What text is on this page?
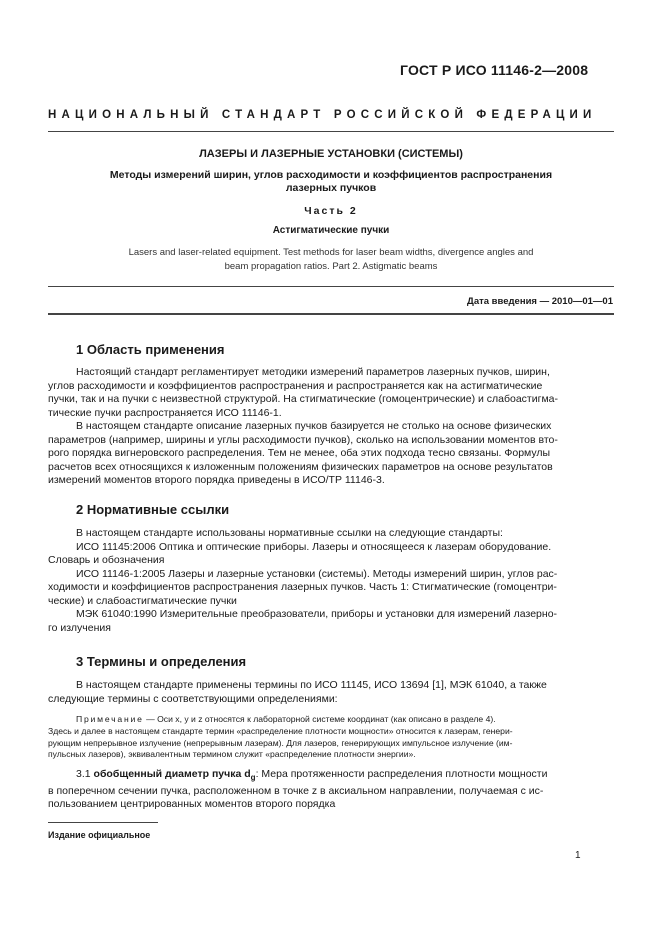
ГОСТ Р ИСО 11146-2—2008
НАЦИОНАЛЬНЫЙ СТАНДАРТ РОССИЙСКОЙ ФЕДЕРАЦИИ
ЛАЗЕРЫ И ЛАЗЕРНЫЕ УСТАНОВКИ (СИСТЕМЫ)
Методы измерений ширин, углов расходимости и коэффициентов распространения
лазерных пучков
Часть 2
Астигматические пучки
Lasers and laser-related equipment. Test methods for laser beam widths, divergence angles and
beam propagation ratios. Part 2. Astigmatic beams
Дата введения — 2010—01—01
1 Область применения
Настоящий стандарт регламентирует методики измерений параметров лазерных пучков, ширин,
углов расходимости и коэффициентов распространения и распространяется как на астигматические
пучки, так и на пучки с неизвестной структурой. На стигматические (гомоцентрические) и слабоастигма-
тические пучки распространяется ИСО 11146-1.
В настоящем стандарте описание лазерных пучков базируется не столько на основе физических
параметров (например, ширины и углы расходимости пучков), сколько на использовании моментов вто-
рого порядка вигнеровского распределения. Тем не менее, оба этих подхода тесно связаны. Формулы
расчетов всех относящихся к изложенным положениям физических параметров на основе результатов
измерений моментов второго порядка приведены в ИСО/ТР 11146-3.
2 Нормативные ссылки
В настоящем стандарте использованы нормативные ссылки на следующие стандарты:
ИСО 11145:2006 Оптика и оптические приборы. Лазеры и относящееся к лазерам оборудование.
Словарь и обозначения
ИСО 11146-1:2005 Лазеры и лазерные установки (системы). Методы измерений ширин, углов рас-
ходимости и коэффициентов распространения лазерных пучков. Часть 1: Стигматические (гомоцентри-
ческие) и слабоастигматические пучки
МЭК 61040:1990 Измерительные преобразователи, приборы и установки для измерений лазерно-
го излучения
3 Термины и определения
В настоящем стандарте применены термины по ИСО 11145, ИСО 13694 [1], МЭК 61040, а также
следующие термины с соответствующими определениями:
Примечание — Оси x, y и z относятся к лабораторной системе координат (как описано в разделе 4).
Здесь и далее в настоящем стандарте термин «распределение плотности мощности» относится к лазерам, генери-
рующим непрерывное излучение (непрерывным лазерам). Для лазеров, генерирующих импульсное излучение (им-
пульсных лазеров), эквивалентным термином служит «распределение плотности энергии».
3.1 обобщенный диаметр пучка $d_g$: Мера протяженности распределения плотности мощности
в поперечном сечении пучка, расположенном в точке z в аксиальном направлении, получаемая с ис-
пользованием центрированных моментов второго порядка
Издание официальное
1
